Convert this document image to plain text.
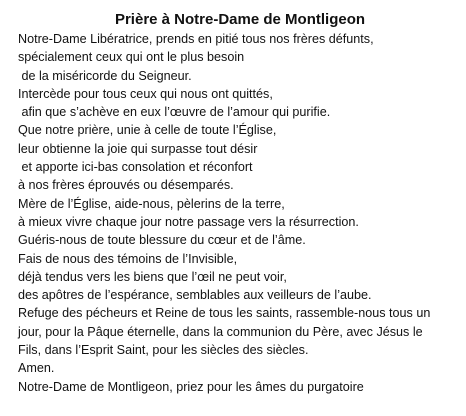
Prière à Notre-Dame de Montligeon

Notre-Dame Libératrice, prends en pitié tous nos frères défunts,

spécialement ceux qui ont le plus besoin

de la miséricorde du Seigneur.

Intercède pour tous ceux qui nous ont quittés,

afin que s’achève en eux l’œuvre de l’amour qui purifie.

Que notre prière, unie à celle de toute l’Église,

leur obtienne la joie qui surpasse tout désir

et apporte ici-bas consolation et réconfort

à nos frères éprouvés ou désemparés.

Mère de l’Église, aide-nous, pèlerins de la terre,

à mieux vivre chaque jour notre passage vers la résurrection.

Guéris-nous de toute blessure du cœur et de l’âme.

Fais de nous des témoins de l’Invisible,

déjà tendus vers les biens que l’œil ne peut voir,

des apôtres de l’espérance, semblables aux veilleurs de l’aube.

Refuge des pécheurs et Reine de tous les saints, rassemble-nous tous un

jour, pour la Pâque éternelle, dans la communion du Père, avec Jésus le

Fils, dans l’Esprit Saint, pour les siècles des siècles.

Amen.

Notre-Dame de Montligeon, priez pour les âmes du purgatoire
